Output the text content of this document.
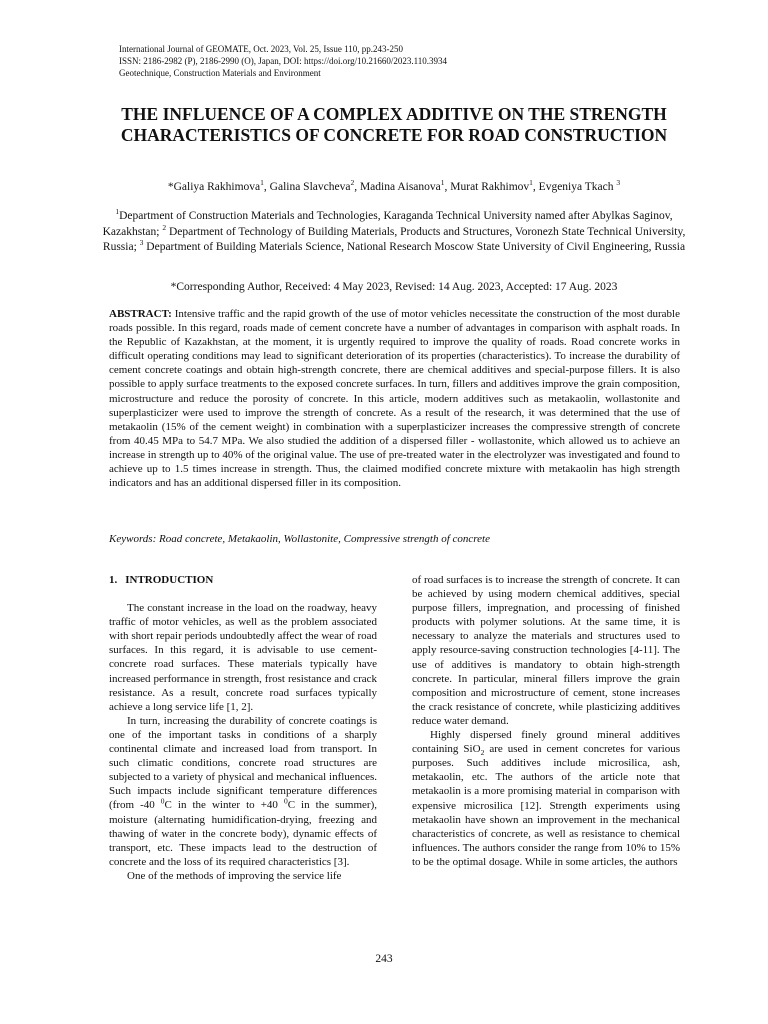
International Journal of GEOMATE, Oct. 2023, Vol. 25, Issue 110, pp.243-250
ISSN: 2186-2982 (P), 2186-2990 (O), Japan, DOI: https://doi.org/10.21660/2023.110.3934
Geotechnique, Construction Materials and Environment
THE INFLUENCE OF A COMPLEX ADDITIVE ON THE STRENGTH CHARACTERISTICS OF CONCRETE FOR ROAD CONSTRUCTION
*Galiya Rakhimova$^1$, Galina Slavcheva$^2$, Madina Aisanova$^1$, Murat Rakhimov$^1$, Evgeniya Tkach $^3$
$^1$Department of Construction Materials and Technologies, Karaganda Technical University named after Abylkas Saginov, Kazakhstan; $^2$ Department of Technology of Building Materials, Products and Structures, Voronezh State Technical University, Russia; $^3$ Department of Building Materials Science, National Research Moscow State University of Civil Engineering, Russia
*Corresponding Author, Received: 4 May 2023, Revised: 14 Aug. 2023, Accepted: 17 Aug. 2023
ABSTRACT: Intensive traffic and the rapid growth of the use of motor vehicles necessitate the construction of the most durable roads possible. In this regard, roads made of cement concrete have a number of advantages in comparison with asphalt roads. In the Republic of Kazakhstan, at the moment, it is urgently required to improve the quality of roads. Road concrete works in difficult operating conditions may lead to significant deterioration of its properties (characteristics). To increase the durability of cement concrete coatings and obtain high-strength concrete, there are chemical additives and special-purpose fillers. It is also possible to apply surface treatments to the exposed concrete surfaces. In turn, fillers and additives improve the grain composition, microstructure and reduce the porosity of concrete. In this article, modern additives such as metakaolin, wollastonite and superplasticizer were used to improve the strength of concrete. As a result of the research, it was determined that the use of metakaolin (15% of the cement weight) in combination with a superplasticizer increases the compressive strength of concrete from 40.45 MPa to 54.7 MPa. We also studied the addition of a dispersed filler - wollastonite, which allowed us to achieve an increase in strength up to 40% of the original value. The use of pre-treated water in the electrolyzer was investigated and found to achieve up to 1.5 times increase in strength. Thus, the claimed modified concrete mixture with metakaolin has high strength indicators and has an additional dispersed filler in its composition.
Keywords: Road concrete, Metakaolin, Wollastonite, Compressive strength of concrete
1. INTRODUCTION

The constant increase in the load on the roadway, heavy traffic of motor vehicles, as well as the problem associated with short repair periods undoubtedly affect the wear of road surfaces. In this regard, it is advisable to use cement-concrete road surfaces. These materials typically have increased performance in strength, frost resistance and crack resistance. As a result, concrete road surfaces typically achieve a long service life [1, 2].

In turn, increasing the durability of concrete coatings is one of the important tasks in conditions of a sharply continental climate and increased load from transport. In such climatic conditions, concrete road structures are subjected to a variety of physical and mechanical influences. Such impacts include significant temperature differences (from -40 $^0$C in the winter to +40 $^0$C in the summer), moisture (alternating humidification-drying, freezing and thawing of water in the concrete body), dynamic effects of transport, etc. These impacts lead to the destruction of concrete and the loss of its required characteristics [3].

One of the methods of improving the service life

of road surfaces is to increase the strength of concrete. It can be achieved by using modern chemical additives, special purpose fillers, impregnation, and processing of finished products with polymer solutions. At the same time, it is necessary to analyze the materials and structures used to apply resource-saving construction technologies [4-11]. The use of additives is mandatory to obtain high-strength concrete. In particular, mineral fillers improve the grain composition and microstructure of cement, stone increases the crack resistance of concrete, while plasticizing additives reduce water demand.

Highly dispersed finely ground mineral additives containing SiO$_2$ are used in cement concretes for various purposes. Such additives include microsilica, ash, metakaolin, etc. The authors of the article note that metakaolin is a more promising material in comparison with expensive microsilica [12]. Strength experiments using metakaolin have shown an improvement in the mechanical characteristics of concrete, as well as resistance to chemical influences. The authors consider the range from 10% to 15% to be the optimal dosage. While in some articles, the authors

243
